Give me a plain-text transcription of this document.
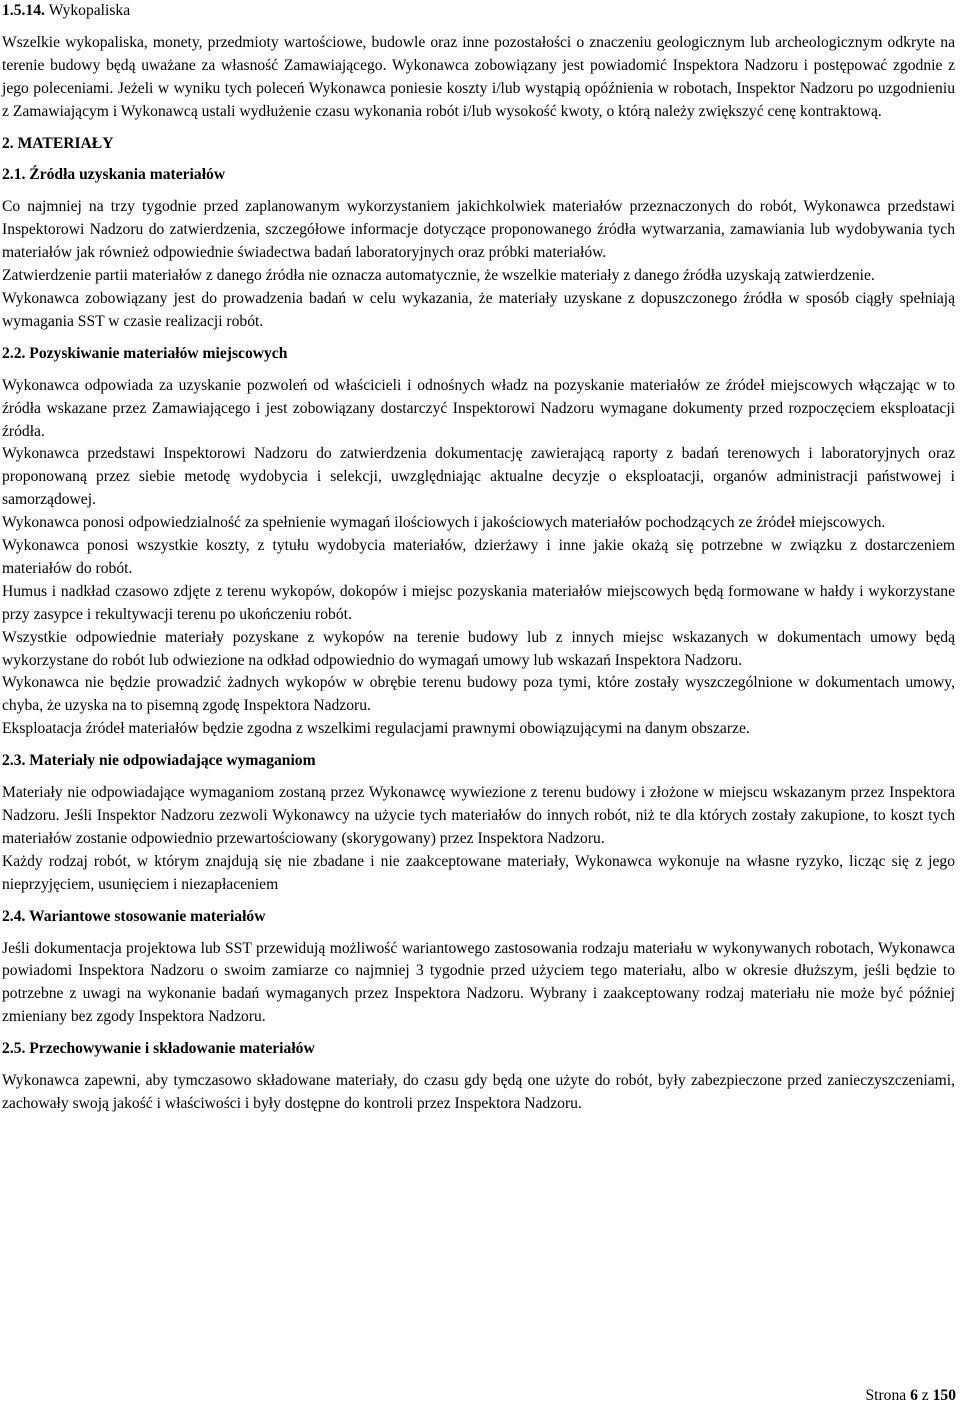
1.5.14. Wykopaliska

Wszelkie wykopaliska, monety, przedmioty wartościowe, budowle oraz inne pozostałości o znaczeniu geologicznym lub archeologicznym odkryte na terenie budowy będą uważane za własność Zamawiającego. Wykonawca zobowiązany jest powiadomić Inspektora Nadzoru i postępować zgodnie z jego poleceniami. Jeżeli w wyniku tych poleceń Wykonawca poniesie koszty i/lub wystąpią opóźnienia w robotach, Inspektor Nadzoru po uzgodnieniu z Zamawiającym i Wykonawcą ustali wydłużenie czasu wykonania robót i/lub wysokość kwoty, o którą należy zwiększyć cenę kontraktową.

2. MATERIAŁY
2.1. Źródła uzyskania materiałów

Co najmniej na trzy tygodnie przed zaplanowanym wykorzystaniem jakichkolwiek materiałów przeznaczonych do robót, Wykonawca przedstawi Inspektorowi Nadzoru do zatwierdzenia, szczegółowe informacje dotyczące proponowanego źródła wytwarzania, zamawiania lub wydobywania tych materiałów jak również odpowiednie świadectwa badań laboratoryjnych oraz próbki materiałów.

Zatwierdzenie partii materiałów z danego źródła nie oznacza automatycznie, że wszelkie materiały z danego źródła uzyskają zatwierdzenie.

Wykonawca zobowiązany jest do prowadzenia badań w celu wykazania, że materiały uzyskane z dopuszczonego źródła w sposób ciągły spełniają wymagania SST w czasie realizacji robót.

2.2. Pozyskiwanie materiałów miejscowych

Wykonawca odpowiada za uzyskanie pozwoleń od właścicieli i odnośnych władz na pozyskanie materiałów ze źródeł miejscowych włączając w to źródła wskazane przez Zamawiającego i jest zobowiązany dostarczyć Inspektorowi Nadzoru wymagane dokumenty przed rozpoczęciem eksploatacji źródła.

Wykonawca przedstawi Inspektorowi Nadzoru do zatwierdzenia dokumentację zawierającą raporty z badań terenowych i laboratoryjnych oraz proponowaną przez siebie metodę wydobycia i selekcji, uwzględniając aktualne decyzje o eksploatacji, organów administracji państwowej i samorządowej.

Wykonawca ponosi odpowiedzialność za spełnienie wymagań ilościowych i jakościowych materiałów pochodzących ze źródeł miejscowych.

Wykonawca ponosi wszystkie koszty, z tytułu wydobycia materiałów, dzierżawy i inne jakie okażą się potrzebne w związku z dostarczeniem materiałów do robót.

Humus i nadkład czasowo zdjęte z terenu wykopów, dokopów i miejsc pozyskania materiałów miejscowych będą formowane w hałdy i wykorzystane przy zasypce i rekultywacji terenu po ukończeniu robót.

Wszystkie odpowiednie materiały pozyskane z wykopów na terenie budowy lub z innych miejsc wskazanych w dokumentach umowy będą wykorzystane do robót lub odwiezione na odkład odpowiednio do wymagań umowy lub wskazań Inspektora Nadzoru.

Wykonawca nie będzie prowadzić żadnych wykopów w obrębie terenu budowy poza tymi, które zostały wyszczególnione w dokumentach umowy, chyba, że uzyska na to pisemną zgodę Inspektora Nadzoru.

Eksploatacja źródeł materiałów będzie zgodna z wszelkimi regulacjami prawnymi obowiązującymi na danym obszarze.

2.3. Materiały nie odpowiadające wymaganiom

Materiały nie odpowiadające wymaganiom zostaną przez Wykonawcę wywiezione z terenu budowy i złożone w miejscu wskazanym przez Inspektora Nadzoru. Jeśli Inspektor Nadzoru zezwoli Wykonawcy na użycie tych materiałów do innych robót, niż te dla których zostały zakupione, to koszt tych materiałów zostanie odpowiednio przewartościowany (skorygowany) przez Inspektora Nadzoru.

Każdy rodzaj robót, w którym znajdują się nie zbadane i nie zaakceptowane materiały, Wykonawca wykonuje na własne ryzyko, licząc się z jego nieprzyjęciem, usunięciem i niezapłaceniem

2.4. Wariantowe stosowanie materiałów

Jeśli dokumentacja projektowa lub SST przewidują możliwość wariantowego zastosowania rodzaju materiału w wykonywanych robotach, Wykonawca powiadomi Inspektora Nadzoru o swoim zamiarze co najmniej 3 tygodnie przed użyciem tego materiału, albo w okresie dłuższym, jeśli będzie to potrzebne z uwagi na wykonanie badań wymaganych przez Inspektora Nadzoru. Wybrany i zaakceptowany rodzaj materiału nie może być później zmieniany bez zgody Inspektora Nadzoru.

2.5. Przechowywanie i składowanie materiałów

Wykonawca zapewni, aby tymczasowo składowane materiały, do czasu gdy będą one użyte do robót, były zabezpieczone przed zanieczyszczeniami, zachowały swoją jakość i właściwości i były dostępne do kontroli przez Inspektora Nadzoru.

Strona 6 z 150
